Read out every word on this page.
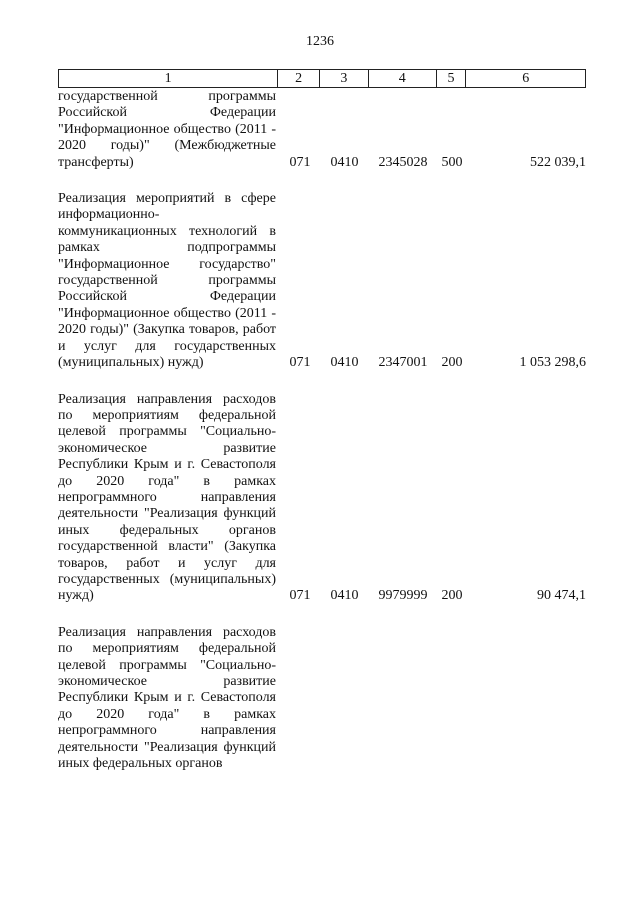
1236
1	2	3	4	5	6
государственной программы Российской Федерации "Информационное общество (2011 - 2020 годы)" (Межбюджетные трансферты)	071	0410	2345028	500	522 039,1
Реализация мероприятий в сфере информационно-коммуникационных технологий в рамках подпрограммы "Информационное государство" государственной программы Российской Федерации "Информационное общество (2011 - 2020 годы)" (Закупка товаров, работ и услуг для государственных (муниципальных) нужд)	071	0410	2347001	200	1 053 298,6
Реализация направления расходов по мероприятиям федеральной целевой программы "Социально-экономическое развитие Республики Крым и г. Севастополя до 2020 года" в рамках непрограммного направления деятельности "Реализация функций иных федеральных органов государственной власти" (Закупка товаров, работ и услуг для государственных (муниципальных) нужд)	071	0410	9979999	200	90 474,1
Реализация направления расходов по мероприятиям федеральной целевой программы "Социально-экономическое развитие Республики Крым и г. Севастополя до 2020 года" в рамках непрограммного направления деятельности "Реализация функций иных федеральных органов
